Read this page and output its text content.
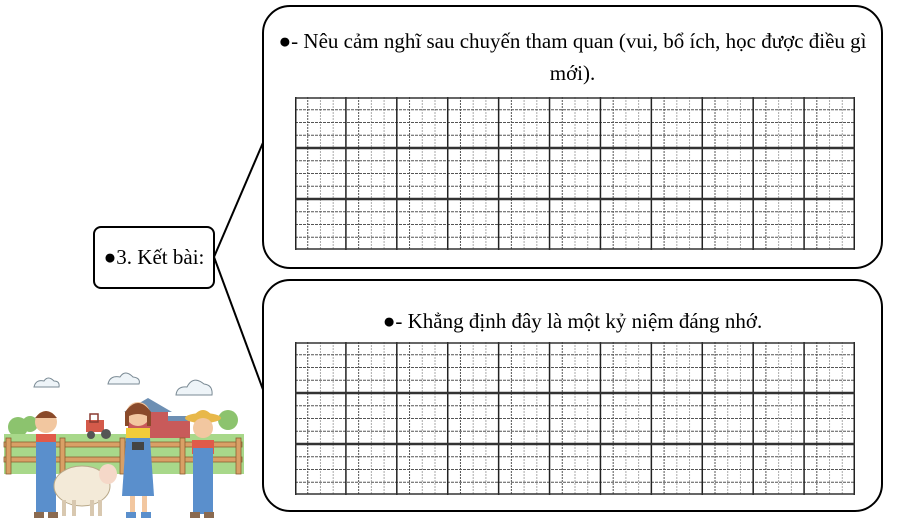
●3. Kết bài:
●- Nêu cảm nghĩ sau chuyến tham quan (vui, bổ ích, học được điều gì mới).
●- Khẳng định đây là một kỷ niệm đáng nhớ.
